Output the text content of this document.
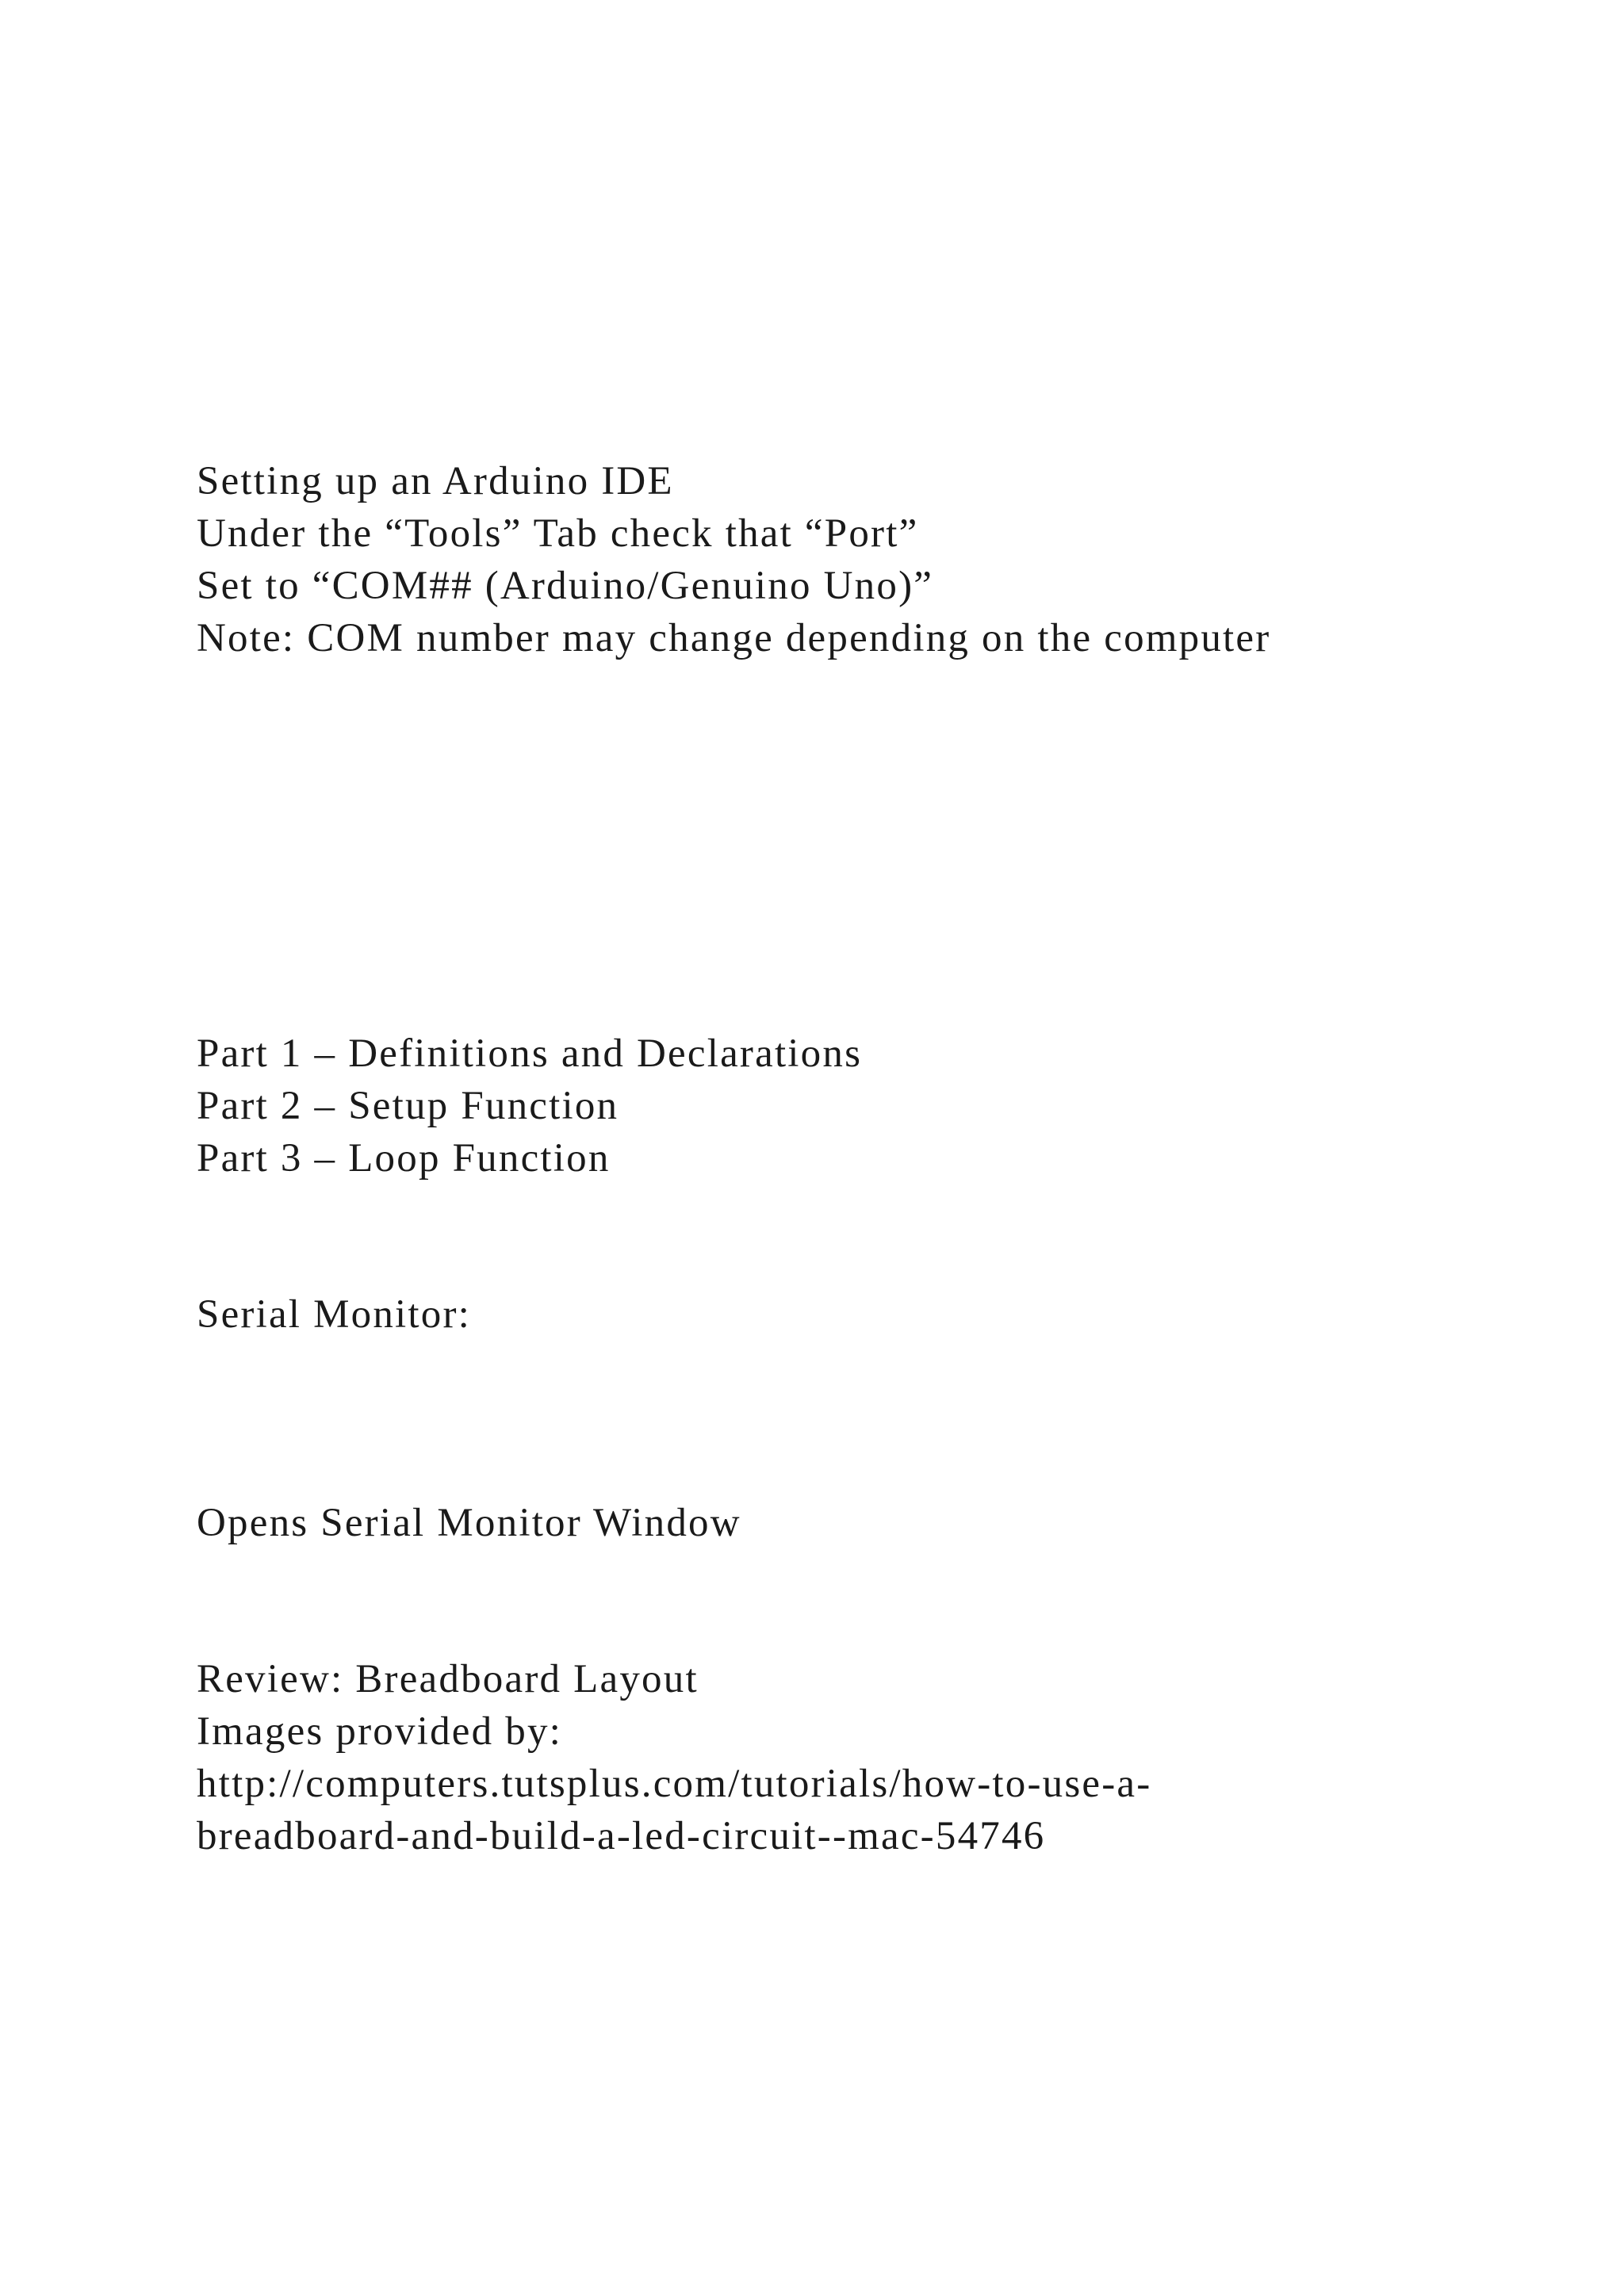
Setting up an Arduino IDE
Under the “Tools” Tab check that “Port”
Set to “COM## (Arduino/Genuino Uno)”
Note: COM number may change depending on the computer
Part 1 – Definitions and Declarations
Part 2 – Setup Function
Part 3 – Loop Function
Serial Monitor:
Opens Serial Monitor Window
Review: Breadboard Layout
Images provided by:
http://computers.tutsplus.com/tutorials/how-to-use-a-
breadboard-and-build-a-led-circuit--mac-54746
